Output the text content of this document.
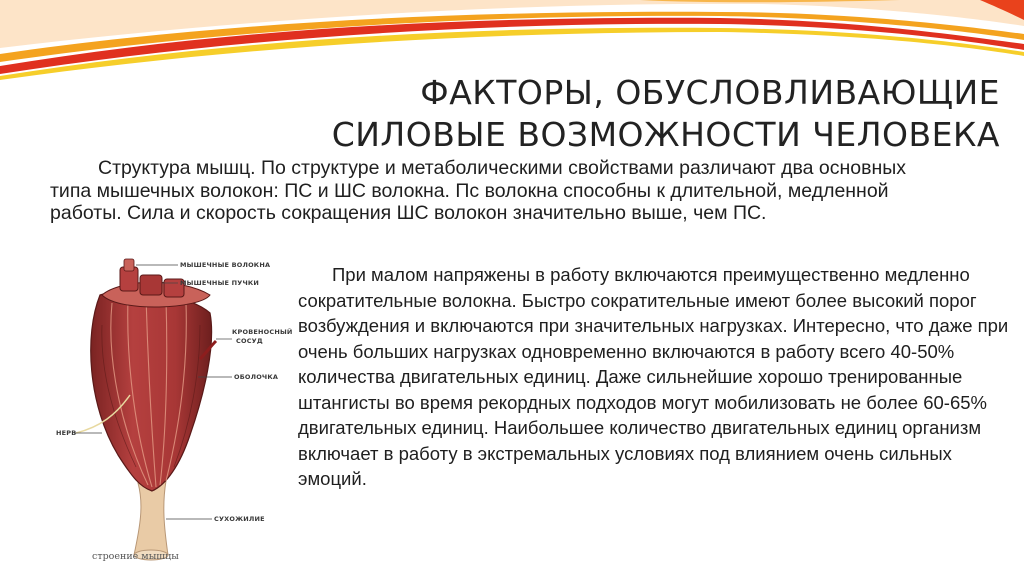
ФАКТОРЫ, ОБУСЛОВЛИВАЮЩИЕ
СИЛОВЫЕ ВОЗМОЖНОСТИ ЧЕЛОВЕКА

Структура мышц. По структуре и метаболическими свойствами различают два основных типа мышечных волокон: ПС и ШС волокна. Пс волокна способны к длительной, медленной работы. Сила и скорость сокращения ШС волокон значительно выше, чем ПС.

При малом напряжены в работу включаются преимущественно медленно сократительные волокна. Быстро сократительные имеют более высокий порог возбуждения и включаются при значительных нагрузках. Интересно, что даже при очень больших нагрузках одновременно включаются в работу всего 40-50% количества двигательных единиц. Даже сильнейшие хорошо тренированные штангисты во время рекордных подходов могут мобилизовать не более 60-65% двигательных единиц. Наибольшее количество двигательных единиц организм включает в работу в экстремальных условиях под влиянием очень сильных эмоций.

МЫШЕЧНЫЕ ВОЛОКНА
МЫШЕЧНЫЕ ПУЧКИ
КРОВЕНОСНЫЙ
СОСУД
ОБОЛОЧКА
НЕРВ
СУХОЖИЛИЕ
строение мышцы
